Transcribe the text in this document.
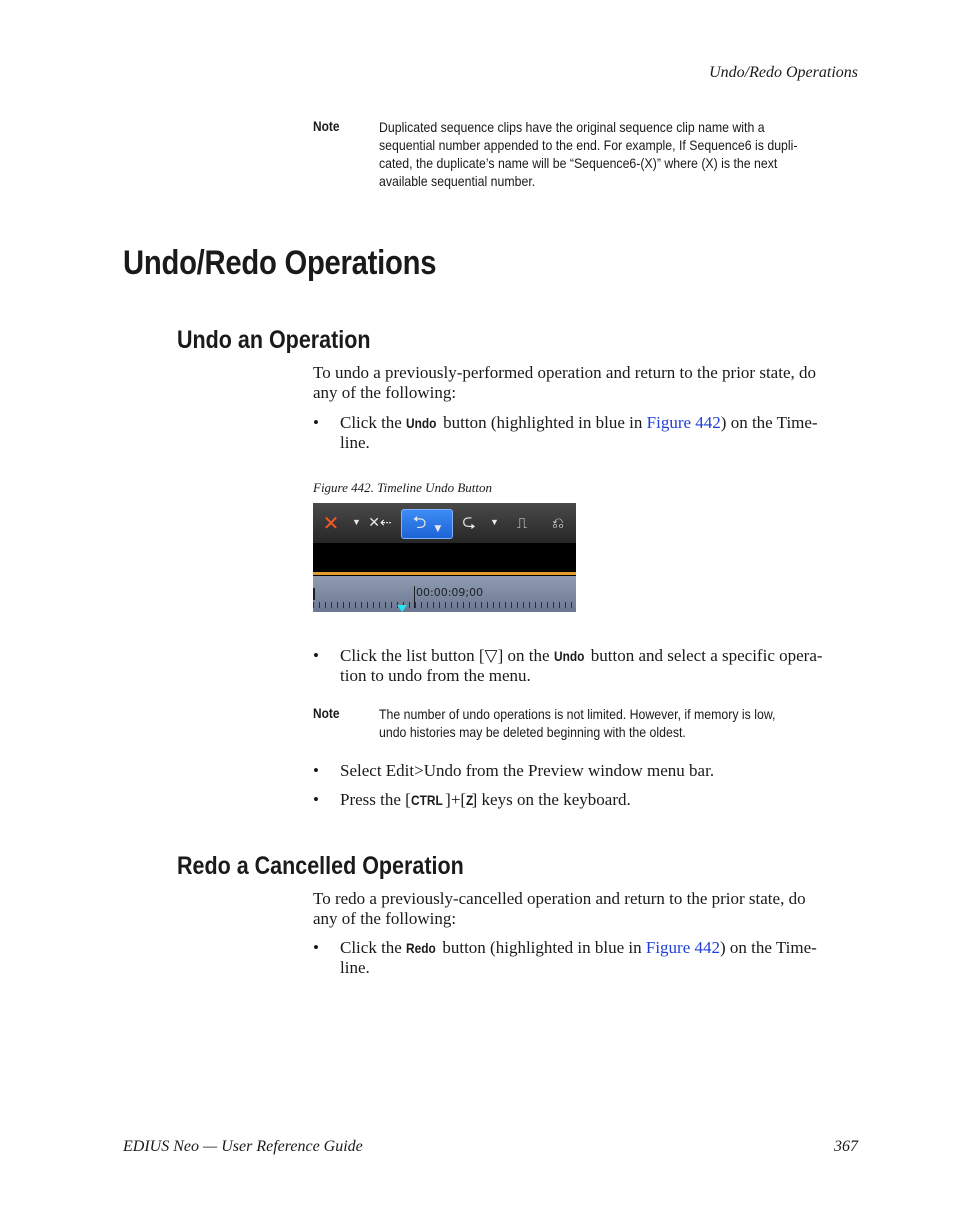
Undo/Redo Operations
Note	Duplicated sequence clips have the original sequence clip name with a
sequential number appended to the end. For example, If Sequence6 is dupli-
cated, the duplicate’s name will be “Sequence6-(X)” where (X) is the next
available sequential number.
Undo/Redo Operations
Undo an Operation
To undo a previously-performed operation and return to the prior state, do
any of the following:
• Click the Undo button (highlighted in blue in Figure 442) on the Time-
line.
Figure 442. Timeline Undo Button
✕	▼ ✕⇠	⮌ ▼	⮎	▼	⎍	⎌
00:00:09;00
• Click the list button [▽] on the Undo button and select a specific opera-
tion to undo from the menu.
Note	The number of undo operations is not limited. However, if memory is low,
undo histories may be deleted beginning with the oldest.
• Select Edit>Undo from the Preview window menu bar.
• Press the [CTRL ]+[Z] keys on the keyboard.
Redo a Cancelled Operation
To redo a previously-cancelled operation and return to the prior state, do
any of the following:
• Click the Redo button (highlighted in blue in Figure 442) on the Time-
line.
EDIUS Neo — User Reference Guide	367
